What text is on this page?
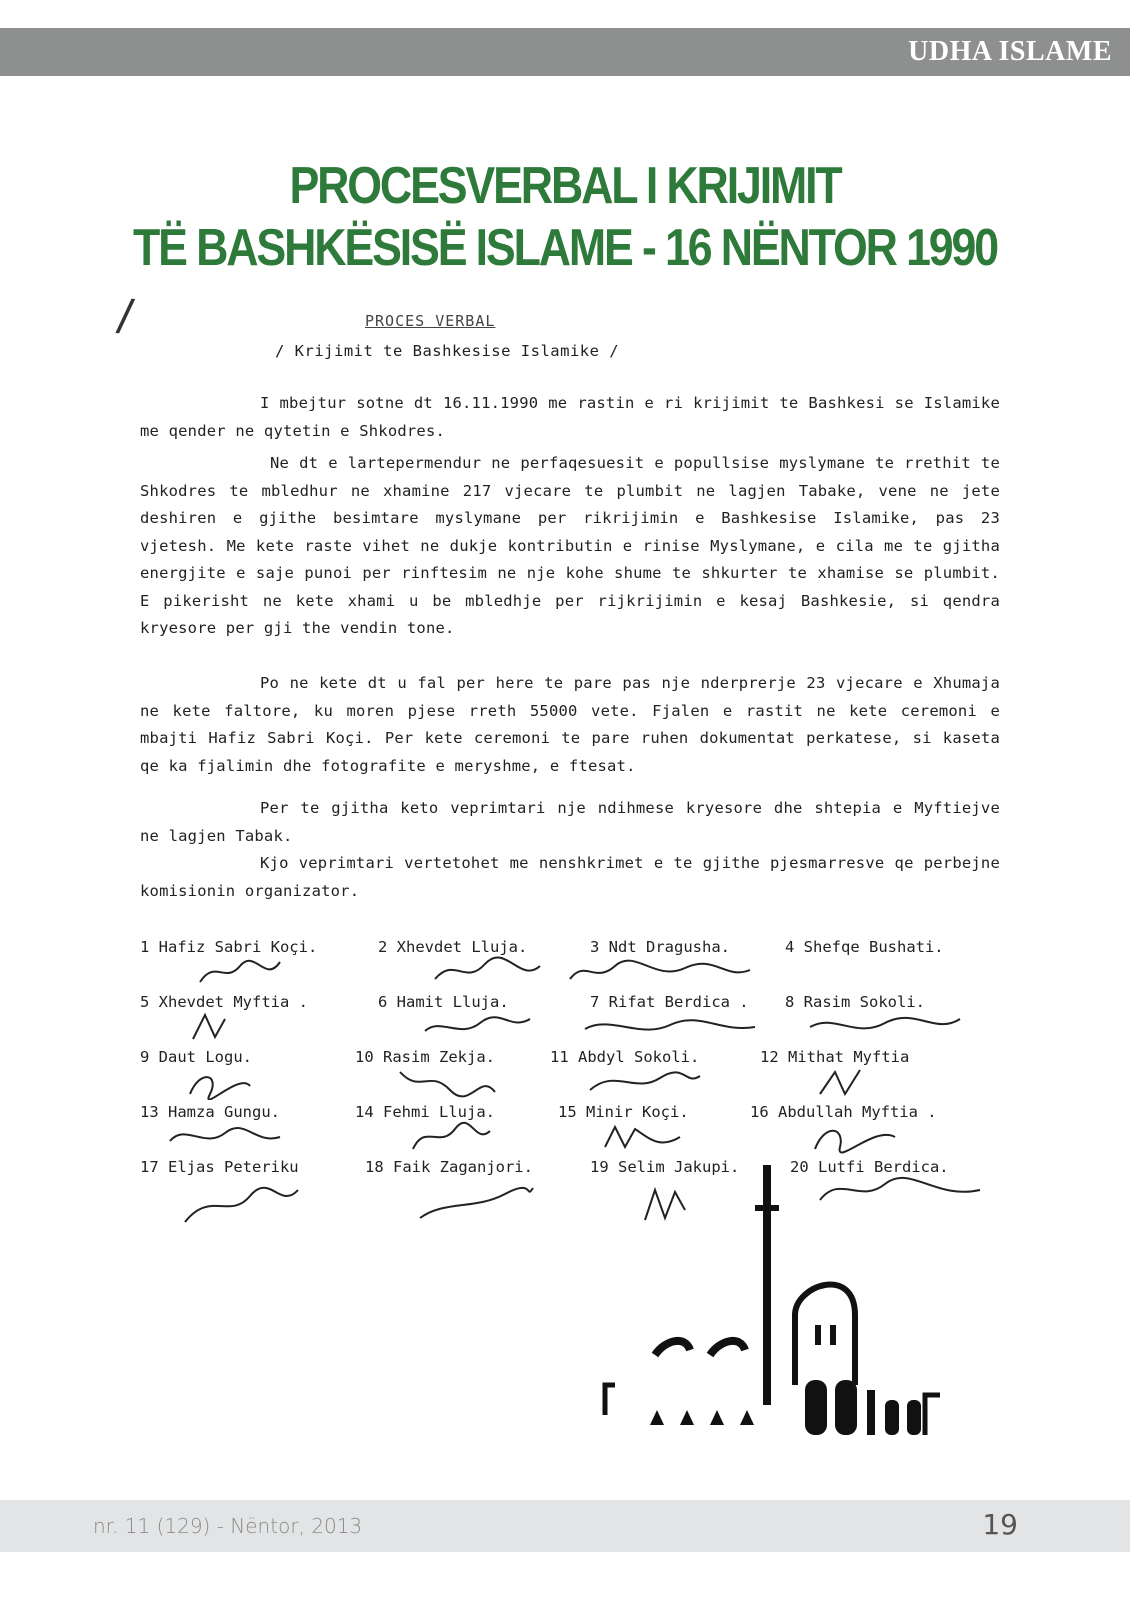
UDHA ISLAME
PROCESVERBAL I KRIJIMIT
TË BASHKËSISË ISLAME - 16 NËNTOR 1990
/	PROCES VERBAL
/ Krijimit te Bashkesise Islamike /
I mbejtur sotne dt 16.11.1990 me rastin e ri krijimit te Bashkesi se Islamike me qender ne qytetin e Shkodres.
Ne dt e lartepermendur ne perfaqesuesit e popullsise myslymane te rrethit te Shkodres te mbledhur ne xhamine 217 vjecare te plumbit ne lagjen Tabake, vene ne jete deshiren e gjithe besimtare myslymane per rikrijimin e Bashkesise Islamike, pas 23 vjetesh. Me kete raste vihet ne dukje kontributin e rinise Myslymane, e cila me te gjitha energjite e saje punoi per rinftesim ne nje kohe shume te shkurter te xhamise se plumbit. E pikerisht ne kete xhami u be mbledhje per rijkrijimin e kesaj Bashkesie, si qendra kryesore per gji the vendin tone.
Po ne kete dt u fal per here te pare pas nje nderprerje 23 vjecare e Xhumaja ne kete faltore, ku moren pjese rreth 55000 vete. Fjalen e rastit ne kete ceremoni e mbajti Hafiz Sabri Koçi. Per kete ceremoni te pare ruhen dokumentat perkatese, si kaseta qe ka fjalimin dhe fotografite e meryshme, e ftesat.
Per te gjitha keto veprimtari nje ndihmese kryesore dhe shtepia e Myftiejve ne lagjen Tabak.
Kjo veprimtari vertetohet me nenshkrimet e te gjithe pjesmarresve qe perbejne komisionin organizator.
1 Hafiz Sabri Koçi.	2 Xhevdet Lluja.	3 Ndt Dragusha.	4 Shefqe Bushati.
5 Xhevdet Myftia .	6 Hamit Lluja.	7 Rifat Berdica . 8 Rasim Sokoli.
9 Daut Logu.	10 Rasim Zekja.	11 Abdyl Sokoli.	12 Mithat Myftia
13 Hamza Gungu.	14 Fehmi Lluja.	15 Minir Koçi.	16 Abdullah Myftia .
17 Eljas Peteriku	18 Faik Zaganjori.	19 Selim Jakupi.	20 Lutfi Berdica.
nr. 11 (129) - Nëntor, 2013	19
